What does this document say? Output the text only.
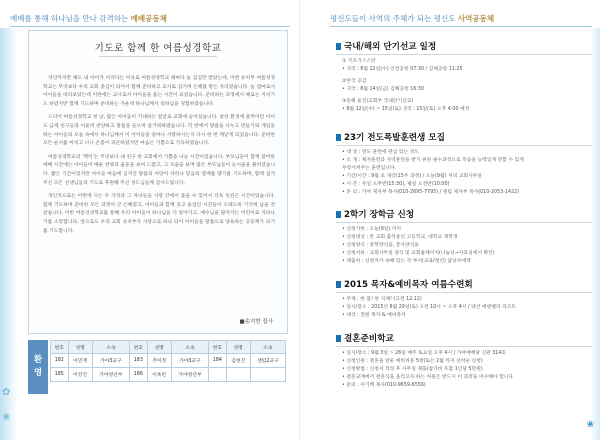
✿
❀
예배를 통해 하나님을 만나 감격하는 예배공동체
기도로 함께 한 여름성경학교

작년까지만 해도 내 아이가 어리다는 이유로 여름성경학교 때마다 늘 섬김만 받았는데, 이번 유치부 여름성경학교는 무엇보다 우리 교회 중심이 되어서 함께 준비하고 교사로 섬기며 은혜를 받는 자리였습니다. 늘 엄마로서 아이들을 바라보았는데 이번에는 교사로서 아이들을 품는 시간이 되었습니다. 준비하는 과정에서 때로는 지치기도 하였지만 함께 기도하며 준비하는 가운데 하나님께서 일하심을 경험하였습니다.

드디어 여름성경학교 첫 날, 많은 아이들이 기대하는 얼굴로 교회에 들어섰습니다. 낯선 환경에 울먹이던 아이도 금세 친구들과 어울려 찬양하고 말씀을 들으며 즐거워하였습니다. 각 반에서 말씀을 나누고 만들기와 게임을 하는 아이들의 모습 속에서 하나님께서 이 아이들을 얼마나 사랑하시는지 다시 한 번 깨닫게 되었습니다. 준비한 모든 순서를 마치고 나니 온몸이 피곤하였지만 마음은 기쁨으로 가득하였습니다.

여름성경학교의 '백미'는 무엇보다 내 친구 한 교회에서 기쁨을 나눈 시간이었습니다. 부모님들이 함께 참여한 예배 시간에는 아이들이 배운 찬양과 율동을 보여 드렸고, 그 모습을 보며 많은 부모님들이 눈시울을 붉히셨습니다. 짧은 기간이었지만 아이들 마음에 심겨진 말씀의 씨앗이 자라나 믿음의 열매를 맺기를 기도하며, 함께 섬겨 주신 모든 선생님들과 기도로 후원해 주신 성도님들께 감사드립니다.

개인적으로는 이번에 사는 두 가정과 그 자녀들을 사랑 안에서 품을 수 있어서 더욱 뜻깊은 시간이었습니다. 함께 기도하며 준비한 모든 과정이 큰 은혜였고, 아이들과 함께 웃고 울었던 시간들이 오래도록 기억에 남을 것 같습니다. 이번 여름성경학교를 통해 우리 아이들이 하나님을 더 알아가고, 예수님을 닮아가는 어린이로 자라나기를 소망합니다. 앞으로도 우리 교회 유치부가 사랑으로 하나 되어 아이들을 말씀으로 양육하는 공동체가 되기를 기도합니다.

■송지현 집사
환
영
번호	성명	소속	번호	성명	소속	번호	성명	소속
182	이민재	가야3교구	183	추미정	가야3교구	184	김현진	센텀2교구
185	이강진	가야청년부	186	이옥빈	가야청년부			
❀
평신도들이 사역의 주체가 되는 평신도 사역공동체
국내/해외 단기선교 일정
① 키르기스스탄
• 귀국 : 8월 12일(수) 인천공항 07:30 / 김해공항 11:25
②한국 공감
• 귀국 : 8월 14일(금) 김해공항 16:30
③동해 울진(교회부 국내단기선교)
• 8월 12일(수) ~ 15일(토) 귀국 : 15일(토) 오후 4:00 예정
23기 전도폭발훈련생 모집
• 대 상 : 전도 훈련에 관심 있는 성도
• 소 개 : 제자훈련과 사역훈련을 받기 위한 필수과정으로 복음을 능력있게 전할 수 있게
무장시켜주는 훈련입니다.
• 기간/시간 : 9월 초 개강(15주 과정) / 오늘(9월) 저녁 교회사무실
• 시 간 : 주일 오후반(15:30), 평일 오전반(10:00)
• 문 의 : 가야 제자부 목사(010-2695-7795) / 센텀 제자부 목사(010-2053-1422)
2학기 장학금 신청
• 신청기한 : 오늘(9일) 까지
• 신청대상 : 본 교회 출석중인 고등학교, 대학교 재학생
• 신청양식 : 장학양식을, 봉사양식을
• 신청서류 : 교회사무실 양식 및 교회홈페이지(나눔터→자료실에서 확인)
• 제출처 : 신청자가 속해 있는 각 부서(교육/청년) 담당자에게
2015 목자&예비목자 여름수련회
• 주제 : 한 몸! 한 지체! (고전 12:12)
• 일시/장소 : 2015년 8월 29일(토) 오전 10시 ~ 오후 4시 / 양산 에덴밸리 리조트
• 대상 : 전원 목자 & 예비목자
결혼준비학교
• 일시/장소 : 9월 3일 ~ 26일 매주 토요일 오후 4시 / 가야예배당 신관 314호
• 신청인원 : 결혼을 앞둔 예비커플 5쌍(또는 2월 까지 선착순 신청)
• 신청방법 : 신청서 작성 후 사무실 제출(참가비 포함 1인당 5만원)
• 결혼교재에서 결혼식을 올리고자 하는 커플은 반드시 이 과정을 이수해야 합니다
• 문의 : 이기백 목사(010-9659-6556)
